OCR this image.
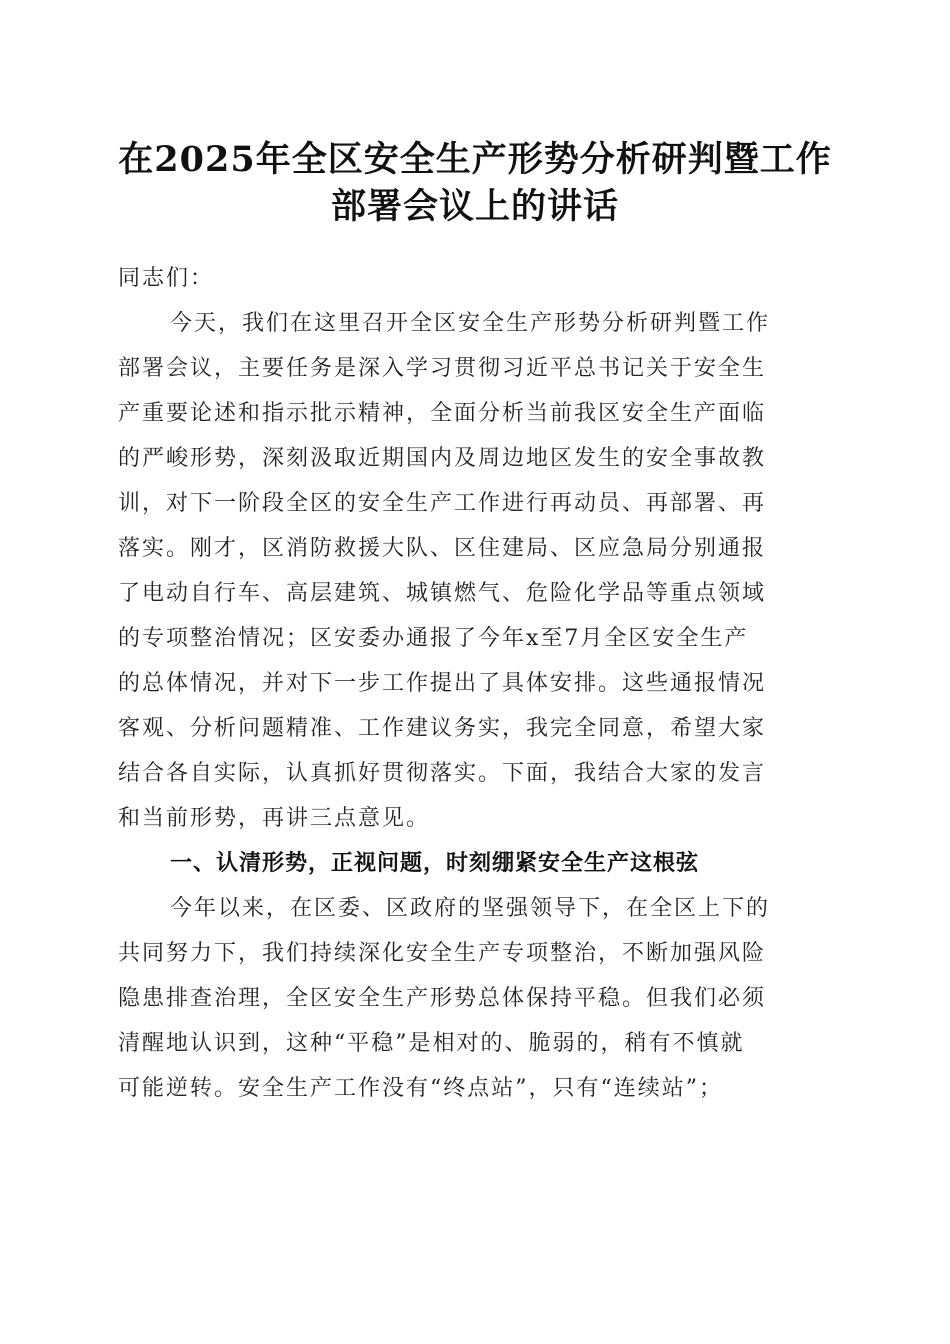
在2025年全区安全生产形势分析研判暨工作
部署会议上的讲话
同志们：
今天，我们在这里召开全区安全生产形势分析研判暨工作
部署会议，主要任务是深入学习贯彻习近平总书记关于安全生
产重要论述和指示批示精神，全面分析当前我区安全生产面临
的严峻形势，深刻汲取近期国内及周边地区发生的安全事故教
训，对下一阶段全区的安全生产工作进行再动员、再部署、再
落实。刚才，区消防救援大队、区住建局、区应急局分别通报
了电动自行车、高层建筑、城镇燃气、危险化学品等重点领域
的专项整治情况；区安委办通报了今年x至7月全区安全生产
的总体情况，并对下一步工作提出了具体安排。这些通报情况
客观、分析问题精准、工作建议务实，我完全同意，希望大家
结合各自实际，认真抓好贯彻落实。下面，我结合大家的发言
和当前形势，再讲三点意见。
一、认清形势，正视问题，时刻绷紧安全生产这根弦
今年以来，在区委、区政府的坚强领导下，在全区上下的
共同努力下，我们持续深化安全生产专项整治，不断加强风险
隐患排查治理，全区安全生产形势总体保持平稳。但我们必须
清醒地认识到，这种“平稳”是相对的、脆弱的，稍有不慎就
可能逆转。安全生产工作没有“终点站”，只有“连续站”；
